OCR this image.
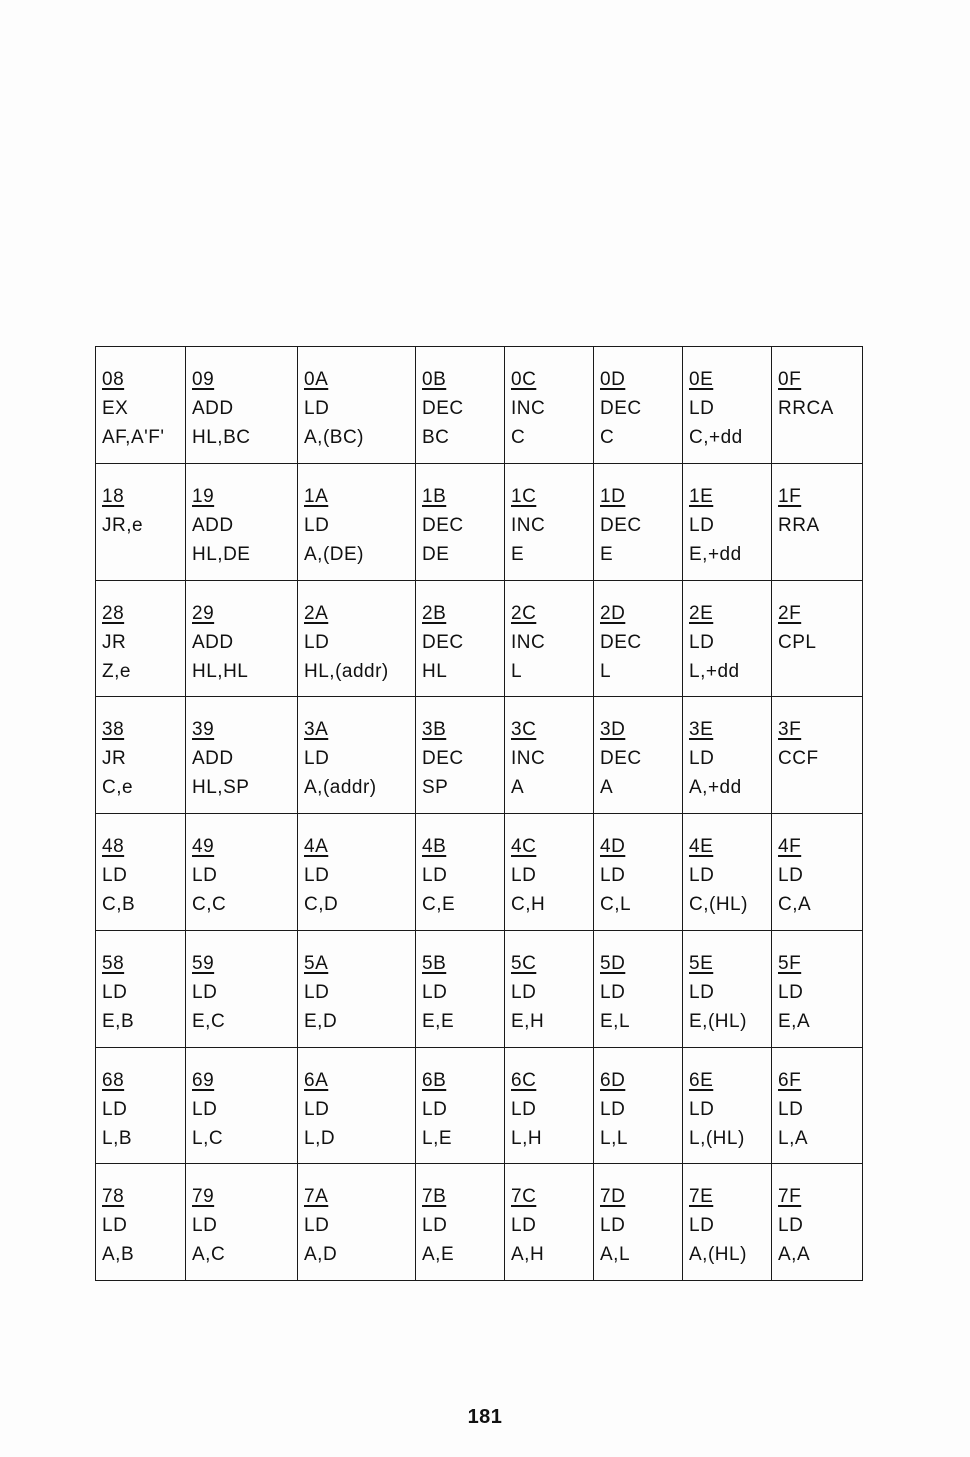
08
EX
AF,A'F'	09
ADD
HL,BC	0A
LD
A,(BC)	0B
DEC
BC	0C
INC
C	0D
DEC
C	0E
LD
C,+dd	0F
RRCA

18
JR,e	19
ADD
HL,DE	1A
LD
A,(DE)	1B
DEC
DE	1C
INC
E	1D
DEC
E	1E
LD
E,+dd	1F
RRA

28
JR
Z,e	29
ADD
HL,HL	2A
LD
HL,(addr)	2B
DEC
HL	2C
INC
L	2D
DEC
L	2E
LD
L,+dd	2F
CPL

38
JR
C,e	39
ADD
HL,SP	3A
LD
A,(addr)	3B
DEC
SP	3C
INC
A	3D
DEC
A	3E
LD
A,+dd	3F
CCF

48
LD
C,B	49
LD
C,C	4A
LD
C,D	4B
LD
C,E	4C
LD
C,H	4D
LD
C,L	4E
LD
C,(HL)	4F
LD
C,A

58
LD
E,B	59
LD
E,C	5A
LD
E,D	5B
LD
E,E	5C
LD
E,H	5D
LD
E,L	5E
LD
E,(HL)	5F
LD
E,A

68
LD
L,B	69
LD
L,C	6A
LD
L,D	6B
LD
L,E	6C
LD
L,H	6D
LD
L,L	6E
LD
L,(HL)	6F
LD
L,A

78
LD
A,B	79
LD
A,C	7A
LD
A,D	7B
LD
A,E	7C
LD
A,H	7D
LD
A,L	7E
LD
A,(HL)	7F
LD
A,A
181
